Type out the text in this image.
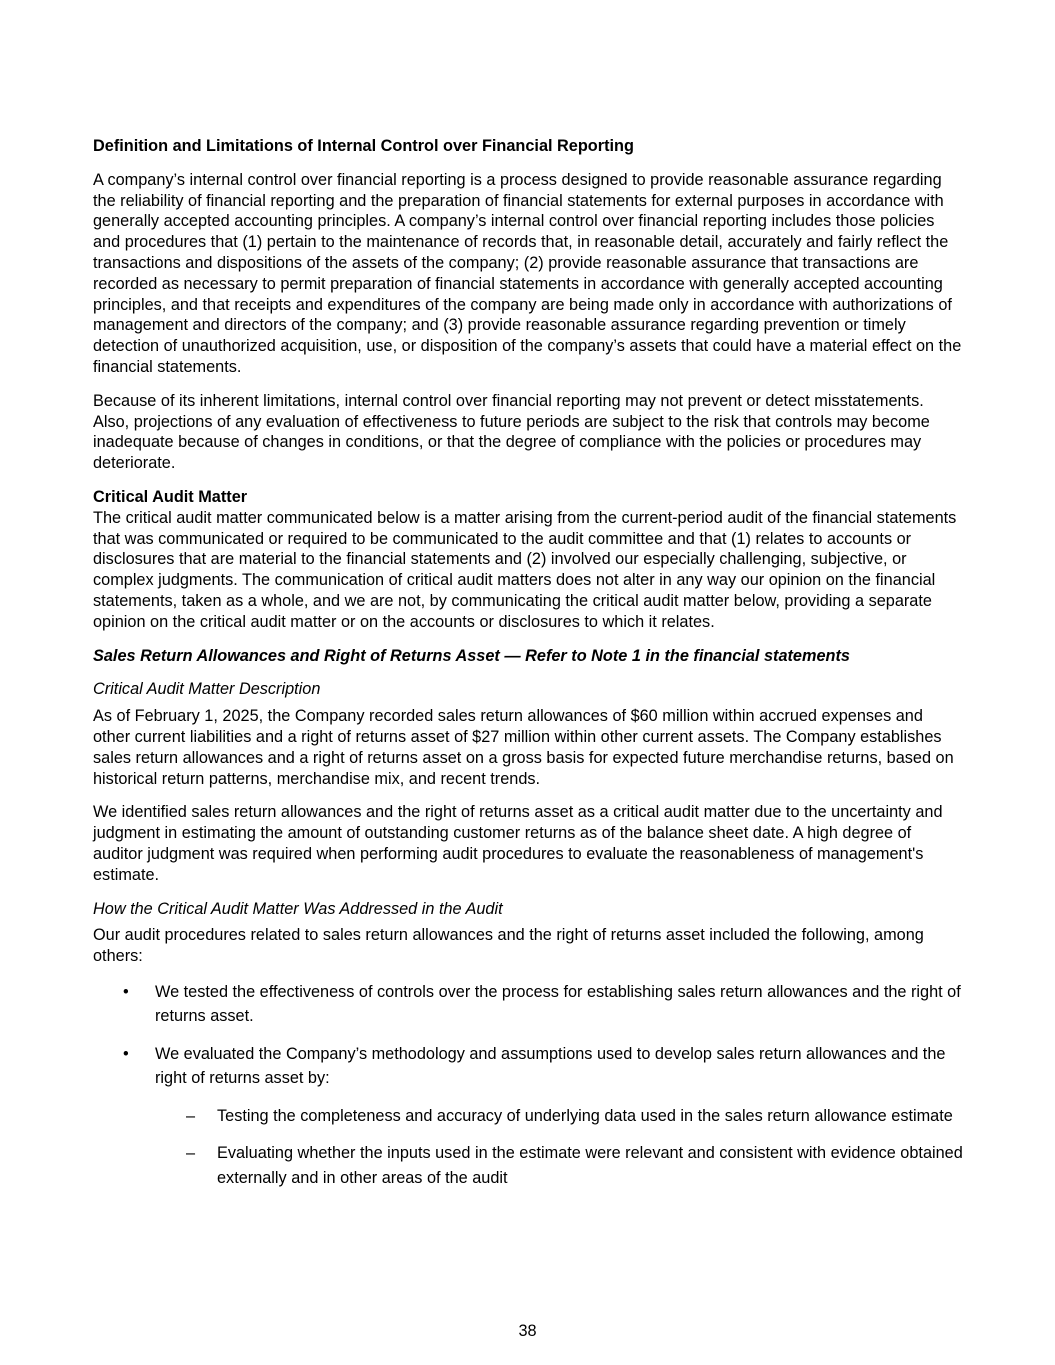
Definition and Limitations of Internal Control over Financial Reporting

A company’s internal control over financial reporting is a process designed to provide reasonable assurance regarding the reliability of financial reporting and the preparation of financial statements for external purposes in accordance with generally accepted accounting principles. A company’s internal control over financial reporting includes those policies and procedures that (1) pertain to the maintenance of records that, in reasonable detail, accurately and fairly reflect the transactions and dispositions of the assets of the company; (2) provide reasonable assurance that transactions are recorded as necessary to permit preparation of financial statements in accordance with generally accepted accounting principles, and that receipts and expenditures of the company are being made only in accordance with authorizations of management and directors of the company; and (3) provide reasonable assurance regarding prevention or timely detection of unauthorized acquisition, use, or disposition of the company’s assets that could have a material effect on the financial statements.

Because of its inherent limitations, internal control over financial reporting may not prevent or detect misstatements. Also, projections of any evaluation of effectiveness to future periods are subject to the risk that controls may become inadequate because of changes in conditions, or that the degree of compliance with the policies or procedures may deteriorate.

Critical Audit Matter

The critical audit matter communicated below is a matter arising from the current-period audit of the financial statements that was communicated or required to be communicated to the audit committee and that (1) relates to accounts or disclosures that are material to the financial statements and (2) involved our especially challenging, subjective, or complex judgments. The communication of critical audit matters does not alter in any way our opinion on the financial statements, taken as a whole, and we are not, by communicating the critical audit matter below, providing a separate opinion on the critical audit matter or on the accounts or disclosures to which it relates.

Sales Return Allowances and Right of Returns Asset — Refer to Note 1 in the financial statements
Critical Audit Matter Description

As of February 1, 2025, the Company recorded sales return allowances of $60 million within accrued expenses and other current liabilities and a right of returns asset of $27 million within other current assets. The Company establishes sales return allowances and a right of returns asset on a gross basis for expected future merchandise returns, based on historical return patterns, merchandise mix, and recent trends.

We identified sales return allowances and the right of returns asset as a critical audit matter due to the uncertainty and judgment in estimating the amount of outstanding customer returns as of the balance sheet date. A high degree of auditor judgment was required when performing audit procedures to evaluate the reasonableness of management's estimate.

How the Critical Audit Matter Was Addressed in the Audit

Our audit procedures related to sales return allowances and the right of returns asset included the following, among others:

• We tested the effectiveness of controls over the process for establishing sales return allowances and the right of returns asset.
• We evaluated the Company’s methodology and assumptions used to develop sales return allowances and the right of returns asset by:
– Testing the completeness and accuracy of underlying data used in the sales return allowance estimate
– Evaluating whether the inputs used in the estimate were relevant and consistent with evidence obtained externally and in other areas of the audit
38
